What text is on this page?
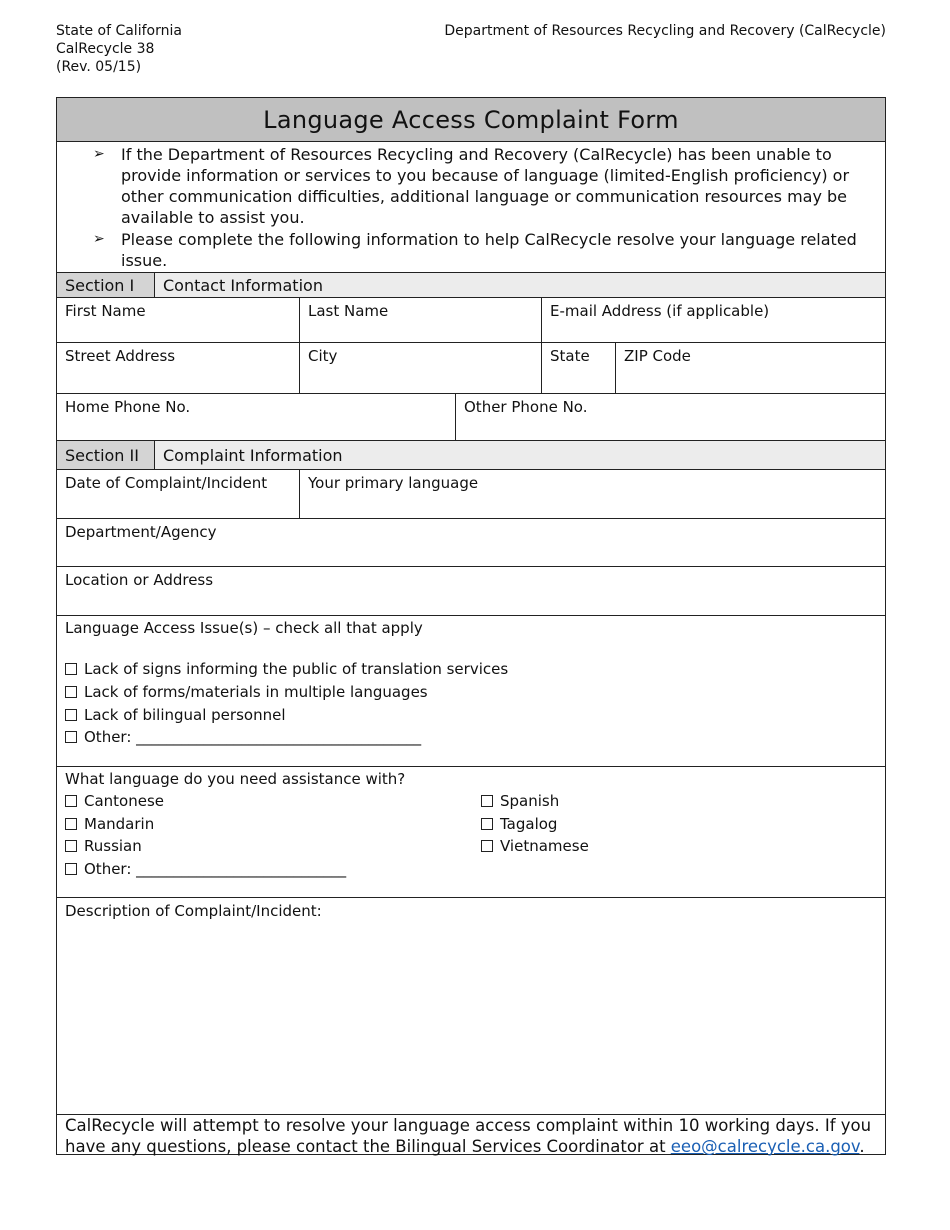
State of California
CalRecycle 38
(Rev. 05/15)
Department of Resources Recycling and Recovery (CalRecycle)
Language Access Complaint Form
➢ If the Department of Resources Recycling and Recovery (CalRecycle) has been unable to provide information or services to you because of language (limited-English proficiency) or other communication difficulties, additional language or communication resources may be available to assist you.
➢ Please complete the following information to help CalRecycle resolve your language related issue.
Section I	Contact Information
First Name	Last Name	E-mail Address (if applicable)
Street Address	City	State	ZIP Code
Home Phone No.	Other Phone No.
Section II	Complaint Information
Date of Complaint/Incident	Your primary language
Department/Agency
Location or Address
Language Access Issue(s) – check all that apply
Lack of signs informing the public of translation services
Lack of forms/materials in multiple languages
Lack of bilingual personnel
Other: ______________________________________
What language do you need assistance with?
Cantonese
Mandarin
Russian
Other: ____________________________
Spanish
Tagalog
Vietnamese
Description of Complaint/Incident:
CalRecycle will attempt to resolve your language access complaint within 10 working days. If you have any questions, please contact the Bilingual Services Coordinator at eeo@calrecycle.ca.gov.
